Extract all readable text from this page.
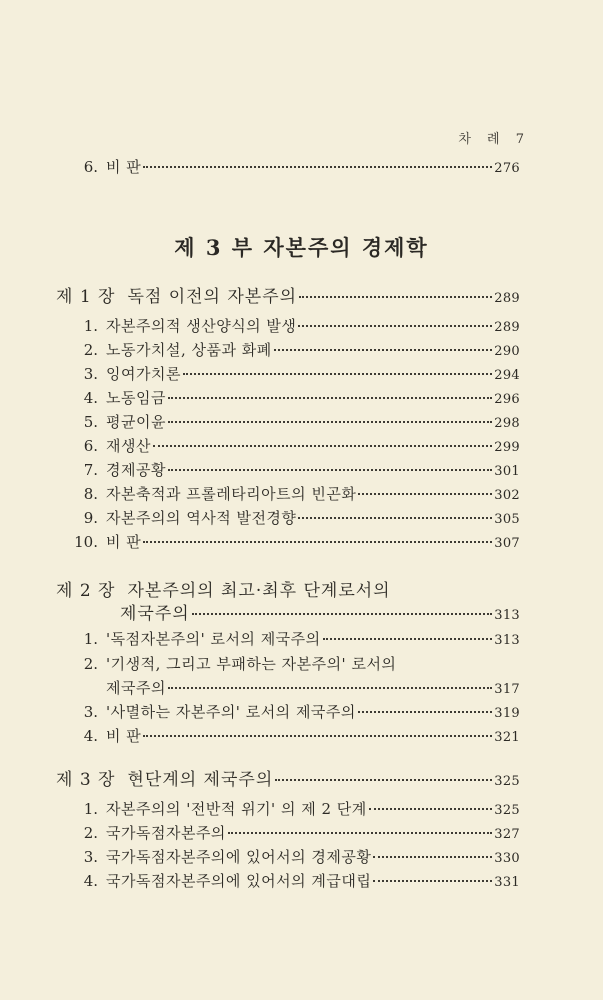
차 례 7
6. 비 판	276
제 3 부 자본주의 경제학
제 1 장 독점 이전의 자본주의	289
1. 자본주의적 생산양식의 발생	289
2. 노동가치설, 상품과 화폐	290
3. 잉여가치론	294
4. 노동임금	296
5. 평균이윤	298
6. 재생산	299
7. 경제공황	301
8. 자본축적과 프롤레타리아트의 빈곤화	302
9. 자본주의의 역사적 발전경향	305
10. 비 판	307
제 2 장 자본주의의 최고·최후 단계로서의
제국주의	313
1. '독점자본주의' 로서의 제국주의	313
2. '기생적, 그리고 부패하는 자본주의' 로서의
제국주의	317
3. '사멸하는 자본주의' 로서의 제국주의	319
4. 비 판	321
제 3 장 현단계의 제국주의	325
1. 자본주의의 '전반적 위기' 의 제 2 단계	325
2. 국가독점자본주의	327
3. 국가독점자본주의에 있어서의 경제공황	330
4. 국가독점자본주의에 있어서의 계급대립	331
